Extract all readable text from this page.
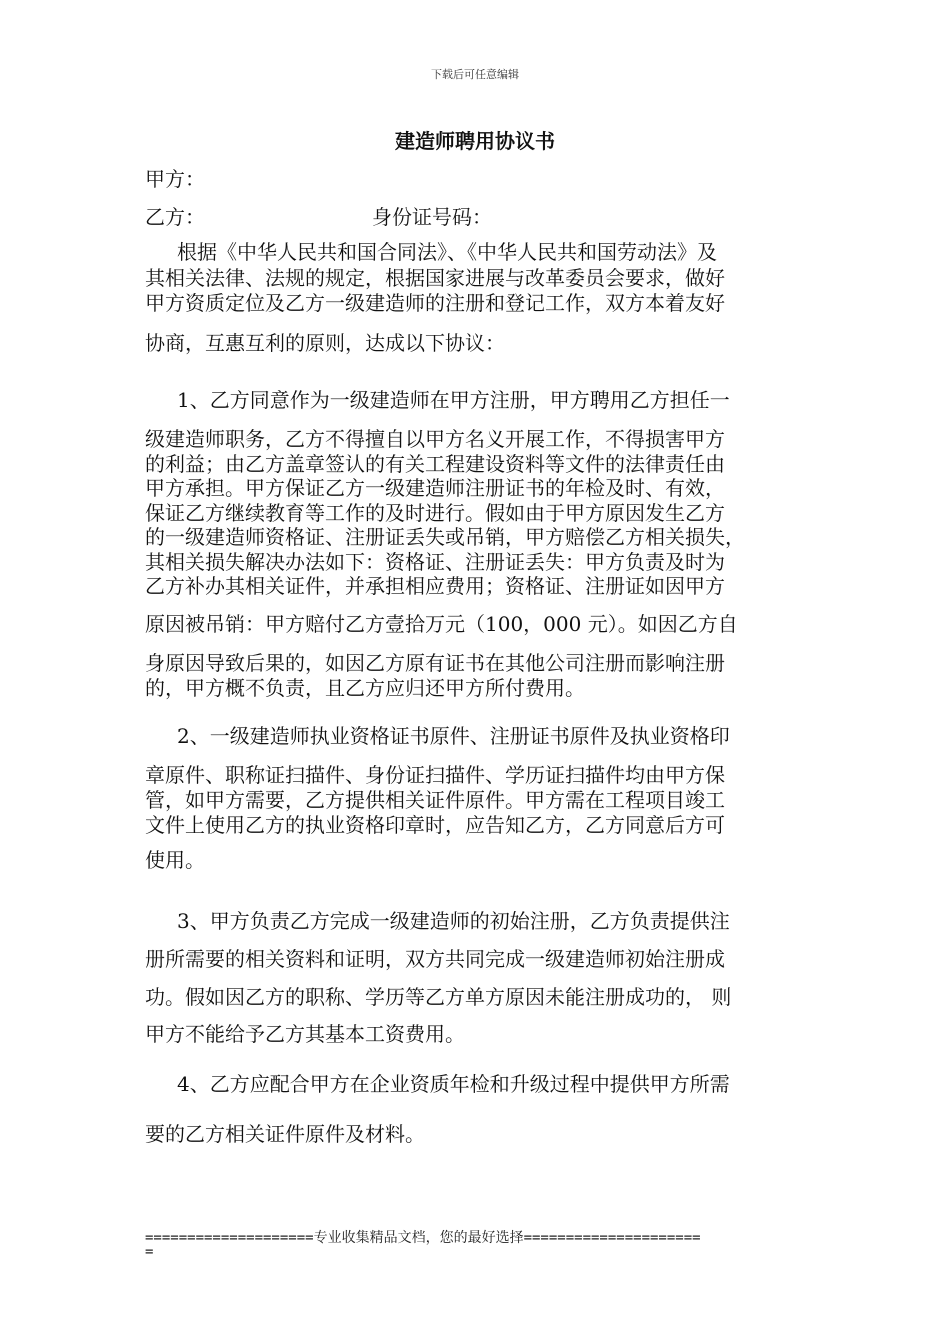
下载后可任意编辑
建造师聘用协议书
甲方：
乙方：	身份证号码：
根据《中华人民共和国合同法》、《中华人民共和国劳动法》及
其相关法律、法规的规定，根据国家进展与改革委员会要求，做好
甲方资质定位及乙方一级建造师的注册和登记工作，双方本着友好
协商，互惠互利的原则，达成以下协议：
1、乙方同意作为一级建造师在甲方注册，甲方聘用乙方担任一
级建造师职务，乙方不得擅自以甲方名义开展工作，不得损害甲方
的利益；由乙方盖章签认的有关工程建设资料等文件的法律责任由
甲方承担。甲方保证乙方一级建造师注册证书的年检及时、有效，
保证乙方继续教育等工作的及时进行。假如由于甲方原因发生乙方
的一级建造师资格证、注册证丢失或吊销，甲方赔偿乙方相关损失，
其相关损失解决办法如下：资格证、注册证丢失：甲方负责及时为
乙方补办其相关证件，并承担相应费用；资格证、注册证如因甲方
原因被吊销：甲方赔付乙方壹拾万元（100，000 元）。如因乙方自
身原因导致后果的，如因乙方原有证书在其他公司注册而影响注册
的，甲方概不负责，且乙方应归还甲方所付费用。
2、一级建造师执业资格证书原件、注册证书原件及执业资格印
章原件、职称证扫描件、身份证扫描件、学历证扫描件均由甲方保
管，如甲方需要，乙方提供相关证件原件。甲方需在工程项目竣工
文件上使用乙方的执业资格印章时，应告知乙方，乙方同意后方可
使用。
3、甲方负责乙方完成一级建造师的初始注册，乙方负责提供注
册所需要的相关资料和证明，双方共同完成一级建造师初始注册成
功。假如因乙方的职称、学历等乙方单方原因未能注册成功的， 则
甲方不能给予乙方其基本工资费用。
4、乙方应配合甲方在企业资质年检和升级过程中提供甲方所需
要的乙方相关证件原件及材料。
====================专业收集精品文档，您的最好选择=====================
=
